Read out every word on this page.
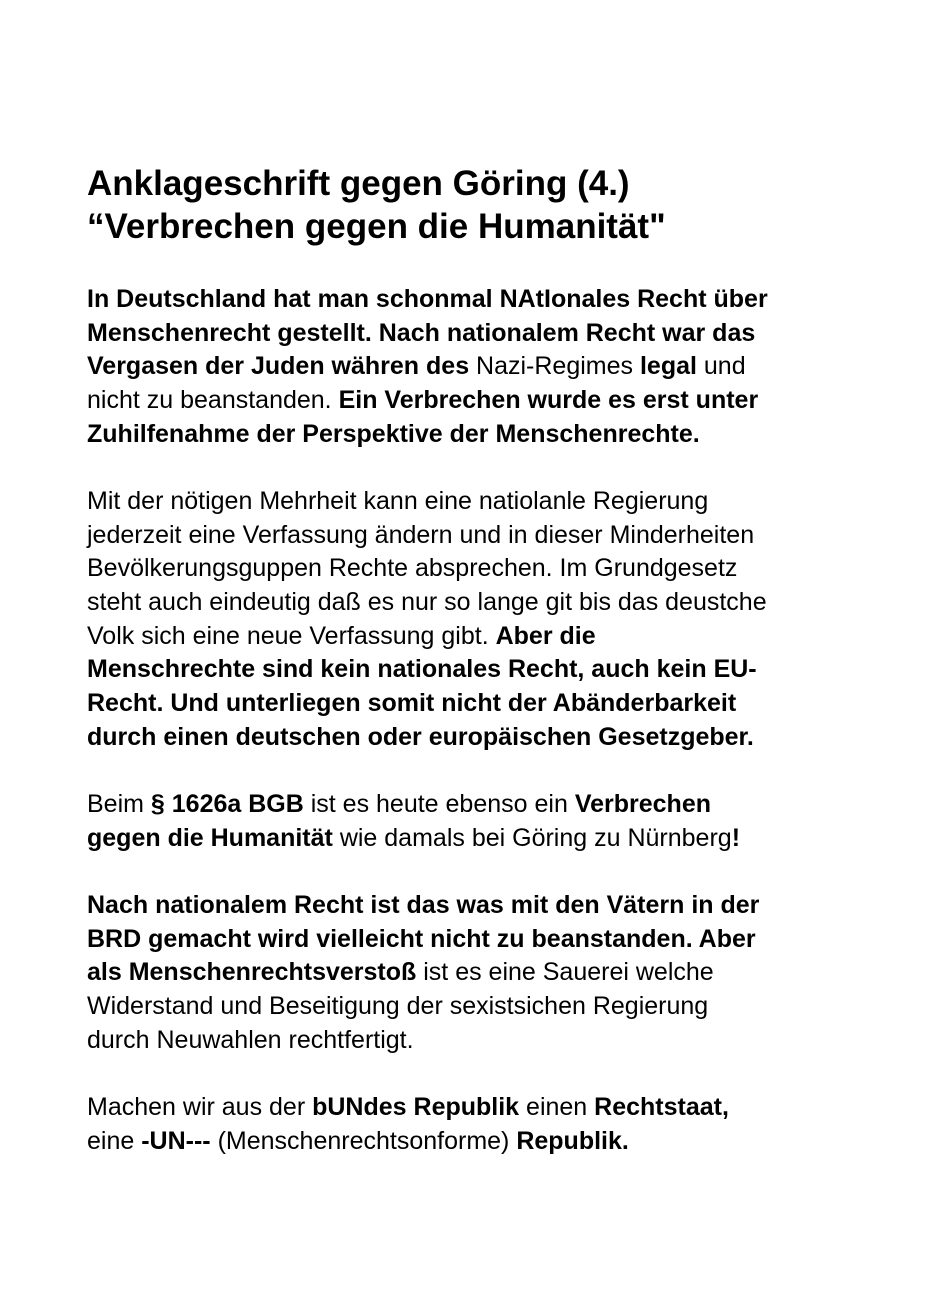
Anklageschrift gegen Göring (4.)
“Verbrechen gegen die Humanität"
In Deutschland hat man schonmal NAtIonales Recht über
Menschenrecht gestellt. Nach nationalem Recht war das
Vergasen der Juden währen des Nazi-Regimes legal und
nicht zu beanstanden. Ein Verbrechen wurde es erst unter
Zuhilfenahme der Perspektive der Menschenrechte.
Mit der nötigen Mehrheit kann eine natiolanle Regierung
jederzeit eine Verfassung ändern und in dieser Minderheiten
Bevölkerungsguppen Rechte absprechen. Im Grundgesetz
steht auch eindeutig daß es nur so lange git bis das deustche
Volk sich eine neue Verfassung gibt. Aber die
Menschrechte sind kein nationales Recht, auch kein EU-
Recht. Und unterliegen somit nicht der Abänderbarkeit
durch einen deutschen oder europäischen Gesetzgeber.
Beim § 1626a BGB ist es heute ebenso ein Verbrechen
gegen die Humanität wie damals bei Göring zu Nürnberg!
Nach nationalem Recht ist das was mit den Vätern in der
BRD gemacht wird vielleicht nicht zu beanstanden. Aber
als Menschenrechtsverstoß ist es eine Sauerei welche
Widerstand und Beseitigung der sexistsichen Regierung
durch Neuwahlen rechtfertigt.
Machen wir aus der bUNdes Republik einen Rechtstaat,
eine -UN--- (Menschenrechtsonforme) Republik.
